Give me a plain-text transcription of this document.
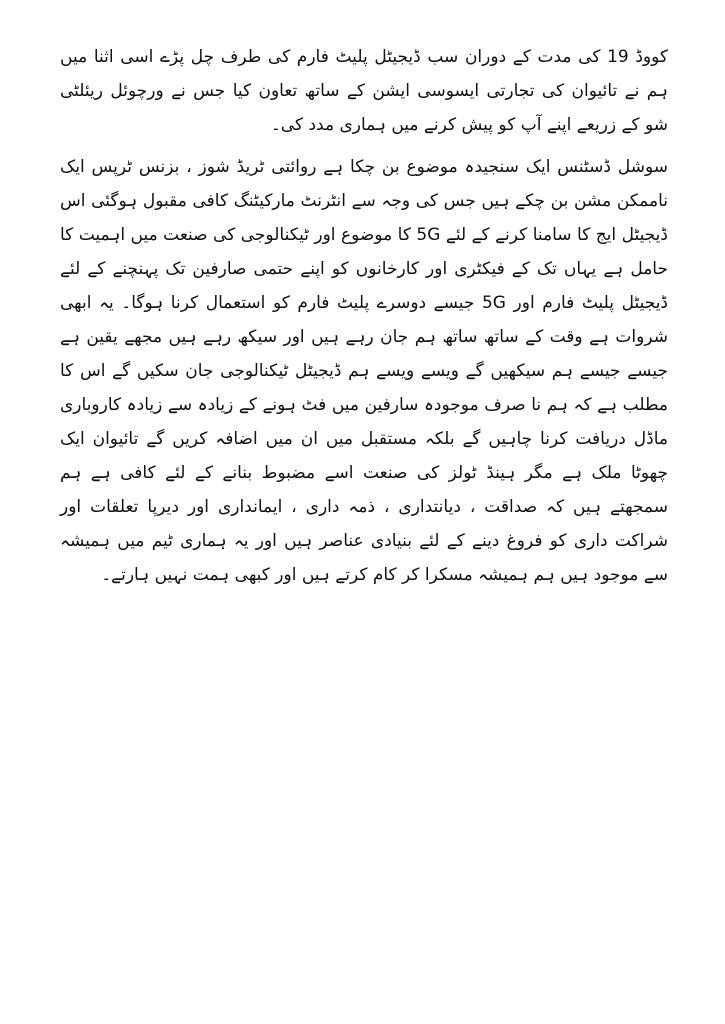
کووڈ 19 کی مدت کے دوران سب ڈیجیٹل پلیٹ فارم کی طرف چل پڑے اسی اثنا میں ہم نے تائیوان کی تجارتی ایسوسی ایشن کے ساتھ تعاون کیا جس نے ورچوئل ریئلٹی شو کے زریعے اپنے آپ کو پیش کرنے میں ہماری مدد کی۔

سوشل ڈسٹنس ایک سنجیدہ موضوع بن چکا ہے روائتی ٹریڈ شوز ، بزنس ٹرپس ایک ناممکن مشن بن چکے ہیں جس کی وجہ سے انٹرنٹ مارکیٹنگ کافی مقبول ہوگئی اس ڈیجیٹل ایج کا سامنا کرنے کے لئے 5G کا موضوع اور ٹیکنالوجی کی صنعت میں اہمیت کا حامل ہے یہاں تک کے فیکٹری اور کارخانوں کو اپنے حتمی صارفین تک پہنچنے کے لئے ڈیجیٹل پلیٹ فارم اور 5G جیسے دوسرے پلیٹ فارم کو استعمال کرنا ہوگا۔ یہ ابھی شروات ہے وقت کے ساتھ ساتھ ہم جان رہے ہیں اور سیکھ رہے ہیں مجھے یقین ہے جیسے جیسے ہم سیکھیں گے ویسے ویسے ہم ڈیجیٹل ٹیکنالوجی جان سکیں گے اس کا مطلب ہے کہ ہم نا صرف موجودہ سارفین میں فٹ ہونے کے زیادہ سے زیادہ کاروباری ماڈل دریافت کرنا چاہیں گے بلکہ مستقبل میں ان میں اضافہ کریں گے تائیوان ایک چھوٹا ملک ہے مگر ہینڈ ٹولز کی صنعت اسے مضبوط بنانے کے لئے کافی ہے ہم سمجھتے ہیں کہ صداقت ، دیانتداری ، ذمہ داری ، ایمانداری اور دیرپا تعلقات اور شراکت داری کو فروغ دینے کے لئے بنیادی عناصر ہیں اور یہ ہماری ٹیم میں ہمیشہ سے موجود ہیں ہم ہمیشہ مسکرا کر کام کرتے ہیں اور کبھی ہمت نہیں ہارتے۔
